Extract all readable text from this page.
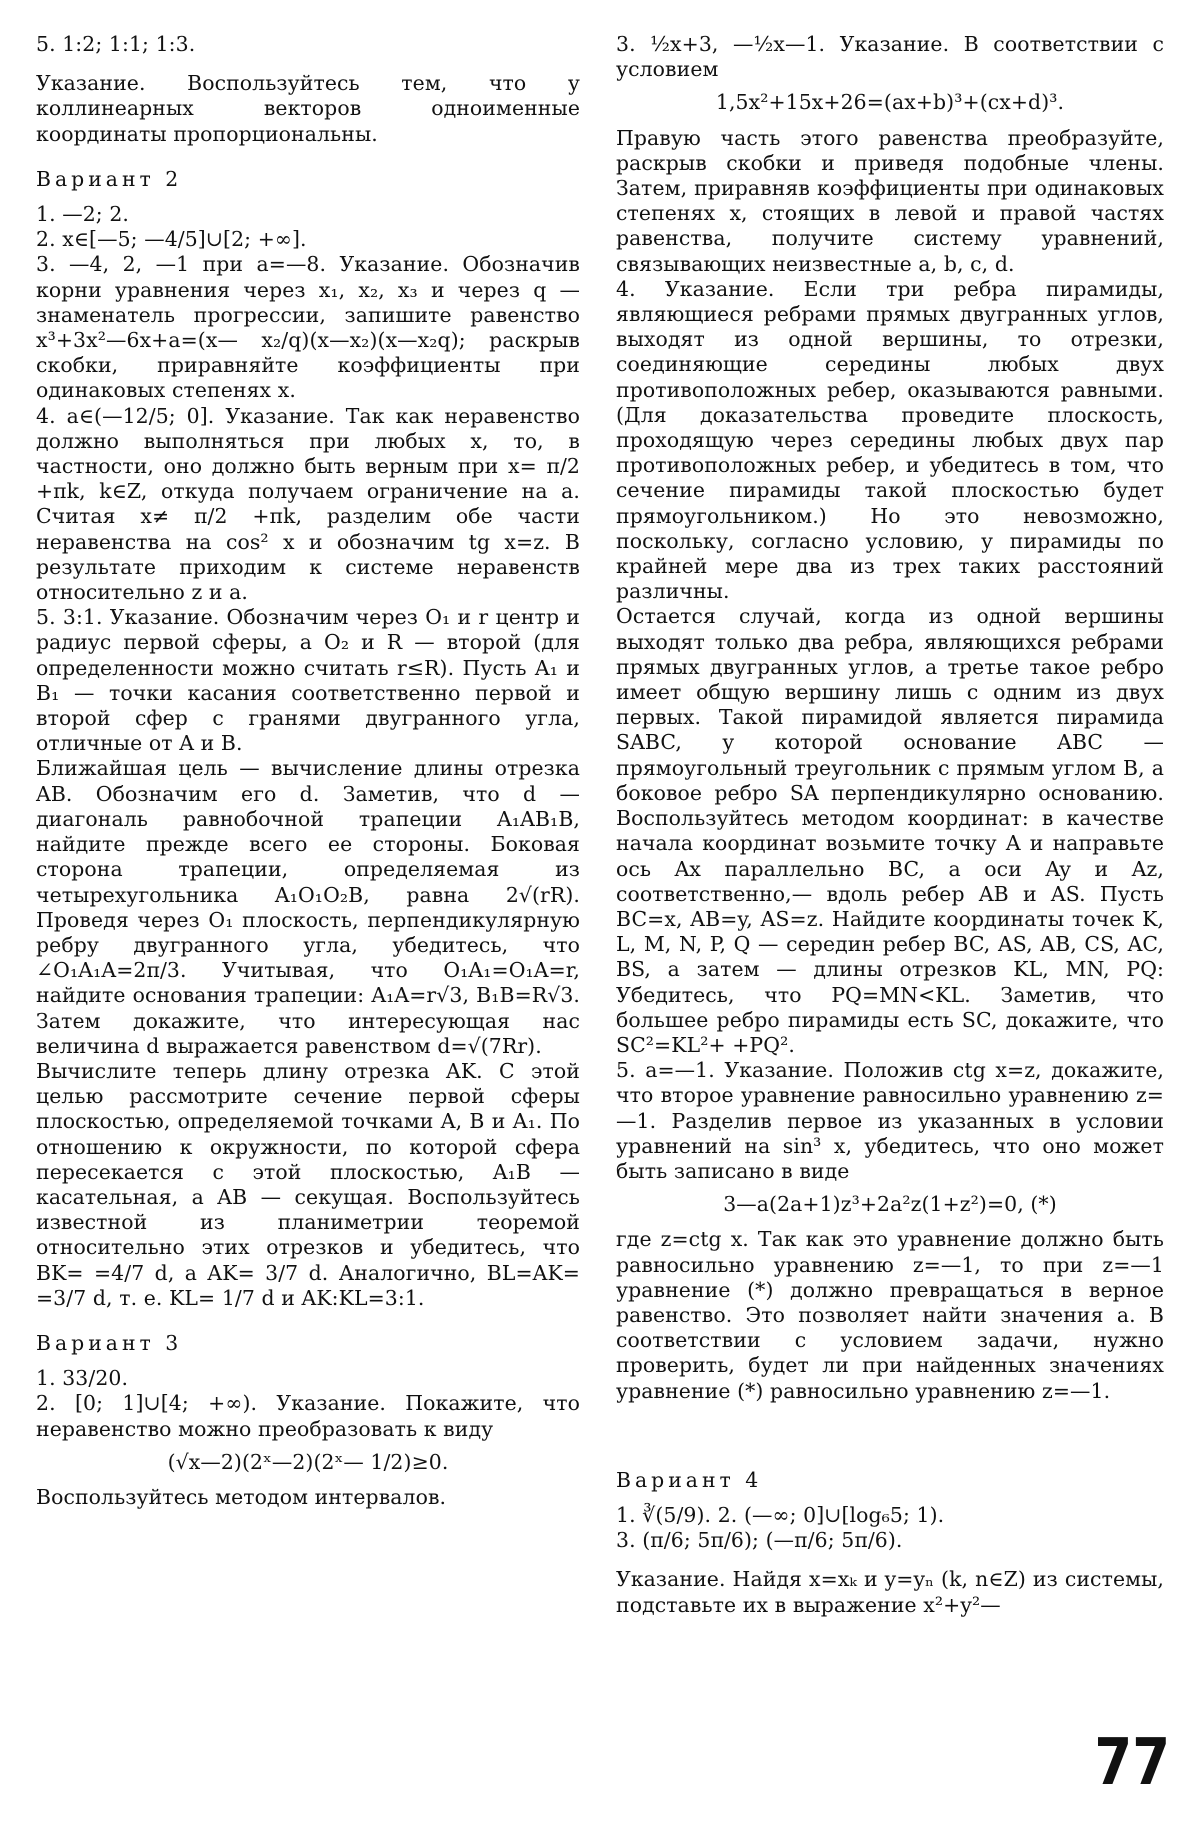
5. 1:2; 1:1; 1:3.

Указание. Воспользуйтесь тем, что у коллинеарных векторов одноименные координаты пропорциональны.

Вариант 2

1. —2; 2.

2. x∈[—5; —4/5]∪[2; +∞].

3. —4, 2, —1 при a=—8. Указание. Обозначив корни уравнения через x₁, x₂, x₃ и через q — знаменатель прогрессии, запишите равенство x³+3x²—6x+a=(x— x₂/q)(x—x₂)(x—x₂q); раскрыв скобки, приравняйте коэффициенты при одинаковых степенях x.

4. a∈(—12/5; 0]. Указание. Так как неравенство должно выполняться при любых x, то, в частности, оно должно быть верным при x= π/2 +πk, k∈Z, откуда получаем ограничение на a. Считая x≠ π/2 +πk, разделим обе части неравенства на cos² x и обозначим tg x=z. В результате приходим к системе неравенств относительно z и a.

5. 3:1. Указание. Обозначим через O₁ и r центр и радиус первой сферы, а O₂ и R — второй (для определенности можно считать r≤R). Пусть A₁ и B₁ — точки касания соответственно первой и второй сфер с гранями двугранного угла, отличные от A и B.

Ближайшая цель — вычисление длины отрезка AB. Обозначим его d. Заметив, что d — диагональ равнобочной трапеции A₁AB₁B, найдите прежде всего ее стороны. Боковая сторона трапеции, определяемая из четырехугольника A₁O₁O₂B, равна 2√(rR). Проведя через O₁ плоскость, перпендикулярную ребру двугранного угла, убедитесь, что ∠O₁A₁A=2π/3. Учитывая, что O₁A₁=O₁A=r, найдите основания трапеции: A₁A=r√3, B₁B=R√3. Затем докажите, что интересующая нас величина d выражается равенством d=√(7Rr).

Вычислите теперь длину отрезка AK. С этой целью рассмотрите сечение первой сферы плоскостью, определяемой точками A, B и A₁. По отношению к окружности, по которой сфера пересекается с этой плоскостью, A₁B — касательная, а AB — секущая. Воспользуйтесь известной из планиметрии теоремой относительно этих отрезков и убедитесь, что BK= =4/7 d, а AK= 3/7 d. Аналогично, BL=AK= =3/7 d, т. е. KL= 1/7 d и AK:KL=3:1.

Вариант 3

1. 33/20.

2. [0; 1]∪[4; +∞). Указание. Покажите, что неравенство можно преобразовать к виду

(√x—2)(2ˣ—2)(2ˣ— 1/2)≥0.

Воспользуйтесь методом интервалов.

3. ½x+3, —½x—1. Указание. В соответствии с условием

1,5x²+15x+26=(ax+b)³+(cx+d)³.

Правую часть этого равенства преобразуйте, раскрыв скобки и приведя подобные члены. Затем, приравняв коэффициенты при одинаковых степенях x, стоящих в левой и правой частях равенства, получите систему уравнений, связывающих неизвестные a, b, c, d.

4. Указание. Если три ребра пирамиды, являющиеся ребрами прямых двугранных углов, выходят из одной вершины, то отрезки, соединяющие середины любых двух противоположных ребер, оказываются равными. (Для доказательства проведите плоскость, проходящую через середины любых двух пар противоположных ребер, и убедитесь в том, что сечение пирамиды такой плоскостью будет прямоугольником.) Но это невозможно, поскольку, согласно условию, у пирамиды по крайней мере два из трех таких расстояний различны.

Остается случай, когда из одной вершины выходят только два ребра, являющихся ребрами прямых двугранных углов, а третье такое ребро имеет общую вершину лишь с одним из двух первых. Такой пирамидой является пирамида SABC, у которой основание ABC — прямоугольный треугольник с прямым углом B, а боковое ребро SA перпендикулярно основанию. Воспользуйтесь методом координат: в качестве начала координат возьмите точку A и направьте ось Ax параллельно BC, а оси Ay и Az, соответственно,— вдоль ребер AB и AS. Пусть BC=x, AB=y, AS=z. Найдите координаты точек K, L, M, N, P, Q — середин ребер BC, AS, AB, CS, AC, BS, а затем — длины отрезков KL, MN, PQ: Убедитесь, что PQ=MN<KL. Заметив, что большее ребро пирамиды есть SC, докажите, что SC²=KL²+ +PQ².

5. a=—1. Указание. Положив ctg x=z, докажите, что второе уравнение равносильно уравнению z=—1. Разделив первое из указанных в условии уравнений на sin³ x, убедитесь, что оно может быть записано в виде

3—a(2a+1)z³+2a²z(1+z²)=0, (*)

где z=ctg x. Так как это уравнение должно быть равносильно уравнению z=—1, то при z=—1 уравнение (*) должно превращаться в верное равенство. Это позволяет найти значения a. В соответствии с условием задачи, нужно проверить, будет ли при найденных значениях уравнение (*) равносильно уравнению z=—1.

Вариант 4

1. ∛(5/9). 2. (—∞; 0]∪[log₆5; 1).

3. (π/6; 5π/6); (—π/6; 5π/6).

Указание. Найдя x=xₖ и y=yₙ (k, n∈Z) из системы, подставьте их в выражение x²+y²—

77
